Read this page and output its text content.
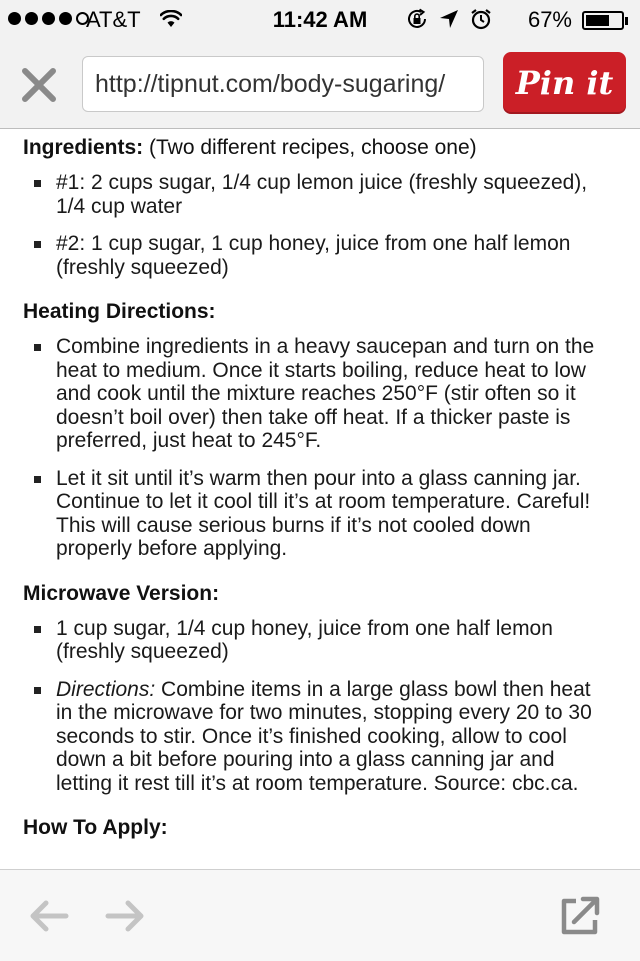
AT&T	11:42 AM	67%
http://tipnut.com/body-sugaring/	Pin it

Ingredients: (Two different recipes, choose one)

#1: 2 cups sugar, 1/4 cup lemon juice (freshly squeezed), 1/4 cup water
#2: 1 cup sugar, 1 cup honey, juice from one half lemon (freshly squeezed)

Heating Directions:

Combine ingredients in a heavy saucepan and turn on the heat to medium. Once it starts boiling, reduce heat to low and cook until the mixture reaches 250°F (stir often so it doesn’t boil over) then take off heat. If a thicker paste is preferred, just heat to 245°F.
Let it sit until it’s warm then pour into a glass canning jar. Continue to let it cool till it’s at room temperature. Careful! This will cause serious burns if it’s not cooled down properly before applying.

Microwave Version:

1 cup sugar, 1/4 cup honey, juice from one half lemon (freshly squeezed)
Directions: Combine items in a large glass bowl then heat in the microwave for two minutes, stopping every 20 to 30 seconds to stir. Once it’s finished cooking, allow to cool down a bit before pouring into a glass canning jar and letting it rest till it’s at room temperature. Source: cbc.ca.

How To Apply:
